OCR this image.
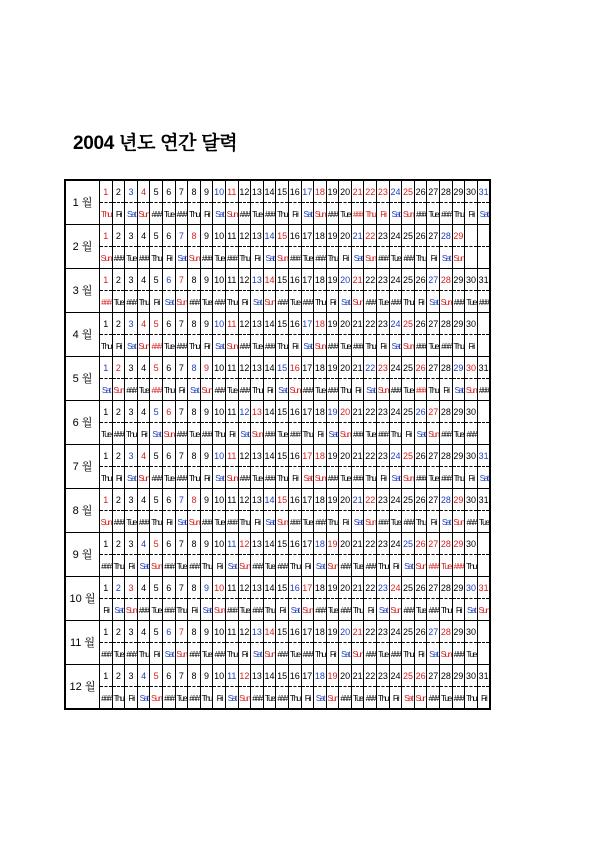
2004 년도 연간 달력
1 월	1	2	3	4	5	6	7	8	9	10	11	12	13	14	15	16	17	18	19	20	21	22	23	24	25	26	27	28	29	30	31
	Thu	Fri	Sat	Sun	###	Tue	###	Thu	Fri	Sat	Sun	###	Tue	###	Thu	Fri	Sat	Sun	###	Tue	###	Thu	Fri	Sat	Sun	###	Tue	###	Thu	Fri	Sat
2 월	1	2	3	4	5	6	7	8	9	10	11	12	13	14	15	16	17	18	19	20	21	22	23	24	25	26	27	28	29		
	Sun	###	Tue	###	Thu	Fri	Sat	Sun	###	Tue	###	Thu	Fri	Sat	Sun	###	Tue	###	Thu	Fri	Sat	Sun	###	Tue	###	Thu	Fri	Sat	Sun		
3 월	1	2	3	4	5	6	7	8	9	10	11	12	13	14	15	16	17	18	19	20	21	22	23	24	25	26	27	28	29	30	31
	###	Tue	###	Thu	Fri	Sat	Sun	###	Tue	###	Thu	Fri	Sat	Sun	###	Tue	###	Thu	Fri	Sat	Sun	###	Tue	###	Thu	Fri	Sat	Sun	###	Tue	###
4 월	1	2	3	4	5	6	7	8	9	10	11	12	13	14	15	16	17	18	19	20	21	22	23	24	25	26	27	28	29	30	
	Thu	Fri	Sat	Sun	###	Tue	###	Thu	Fri	Sat	Sun	###	Tue	###	Thu	Fri	Sat	Sun	###	Tue	###	Thu	Fri	Sat	Sun	###	Tue	###	Thu	Fri	
5 월	1	2	3	4	5	6	7	8	9	10	11	12	13	14	15	16	17	18	19	20	21	22	23	24	25	26	27	28	29	30	31
	Sat	Sun	###	Tue	###	Thu	Fri	Sat	Sun	###	Tue	###	Thu	Fri	Sat	Sun	###	Tue	###	Thu	Fri	Sat	Sun	###	Tue	###	Thu	Fri	Sat	Sun	###
6 월	1	2	3	4	5	6	7	8	9	10	11	12	13	14	15	16	17	18	19	20	21	22	23	24	25	26	27	28	29	30	
	Tue	###	Thu	Fri	Sat	Sun	###	Tue	###	Thu	Fri	Sat	Sun	###	Tue	###	Thu	Fri	Sat	Sun	###	Tue	###	Thu	Fri	Sat	Sun	###	Tue	###	
7 월	1	2	3	4	5	6	7	8	9	10	11	12	13	14	15	16	17	18	19	20	21	22	23	24	25	26	27	28	29	30	31
	Thu	Fri	Sat	Sun	###	Tue	###	Thu	Fri	Sat	Sun	###	Tue	###	Thu	Fri	Sat	Sun	###	Tue	###	Thu	Fri	Sat	Sun	###	Tue	###	Thu	Fri	Sat
8 월	1	2	3	4	5	6	7	8	9	10	11	12	13	14	15	16	17	18	19	20	21	22	23	24	25	26	27	28	29	30	31
	Sun	###	Tue	###	Thu	Fri	Sat	Sun	###	Tue	###	Thu	Fri	Sat	Sun	###	Tue	###	Thu	Fri	Sat	Sun	###	Tue	###	Thu	Fri	Sat	Sun	###	Tue
9 월	1	2	3	4	5	6	7	8	9	10	11	12	13	14	15	16	17	18	19	20	21	22	23	24	25	26	27	28	29	30	
	###	Thu	Fri	Sat	Sun	###	Tue	###	Thu	Fri	Sat	Sun	###	Tue	###	Thu	Fri	Sat	Sun	###	Tue	###	Thu	Fri	Sat	Sun	###	Tue	###	Thu	
10 월	1	2	3	4	5	6	7	8	9	10	11	12	13	14	15	16	17	18	19	20	21	22	23	24	25	26	27	28	29	30	31
	Fri	Sat	Sun	###	Tue	###	Thu	Fri	Sat	Sun	###	Tue	###	Thu	Fri	Sat	Sun	###	Tue	###	Thu	Fri	Sat	Sun	###	Tue	###	Thu	Fri	Sat	Sun
11 월	1	2	3	4	5	6	7	8	9	10	11	12	13	14	15	16	17	18	19	20	21	22	23	24	25	26	27	28	29	30	
	###	Tue	###	Thu	Fri	Sat	Sun	###	Tue	###	Thu	Fri	Sat	Sun	###	Tue	###	Thu	Fri	Sat	Sun	###	Tue	###	Thu	Fri	Sat	Sun	###	Tue	
12 월	1	2	3	4	5	6	7	8	9	10	11	12	13	14	15	16	17	18	19	20	21	22	23	24	25	26	27	28	29	30	31
	###	Thu	Fri	Sat	Sun	###	Tue	###	Thu	Fri	Sat	Sun	###	Tue	###	Thu	Fri	Sat	Sun	###	Tue	###	Thu	Fri	Sat	Sun	###	Tue	###	Thu	Fri
